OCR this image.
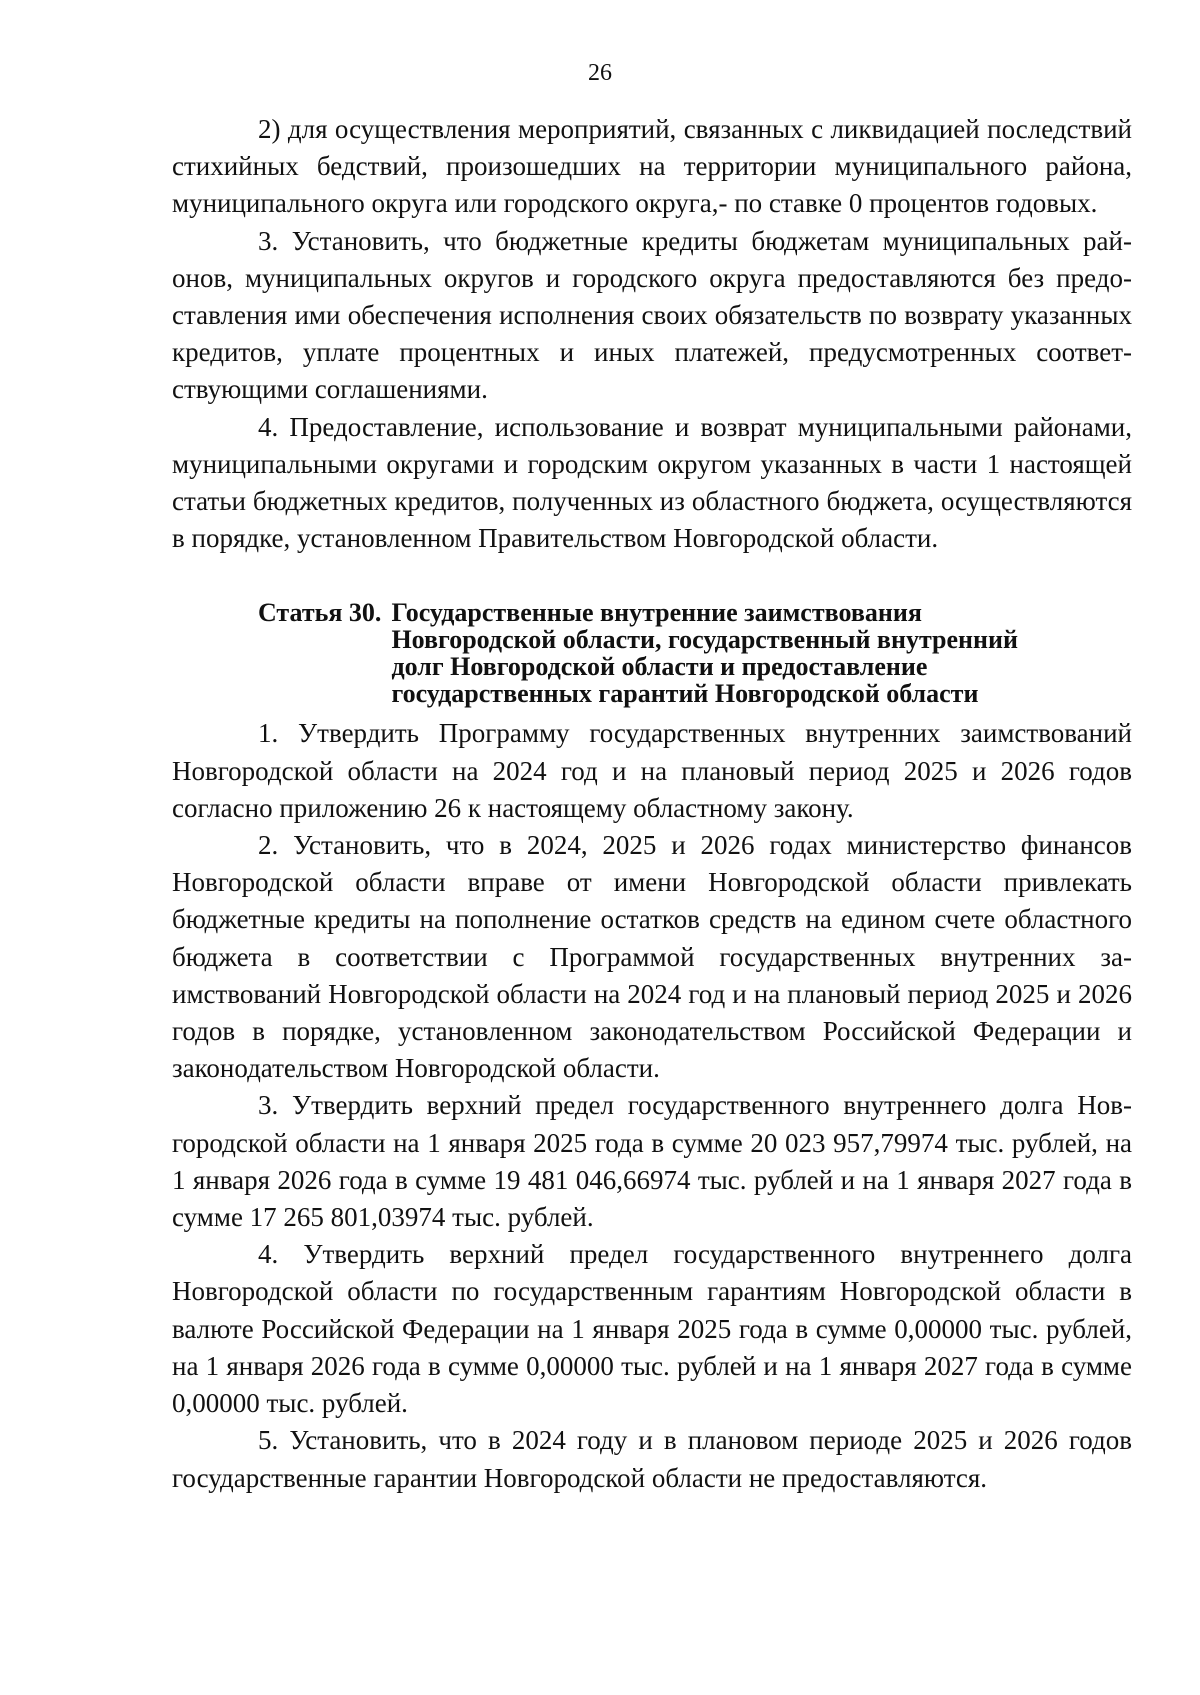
26

2) для осуществления мероприятий, связанных с ликвидацией последствий стихийных бедствий, произошедших на территории муниципального района, муниципального округа или городского округа,- по ставке 0 процентов годовых.

3. Установить, что бюджетные кредиты бюджетам муниципальных районов, муниципальных округов и городского округа предоставляются без предоставления ими обеспечения исполнения своих обязательств по возврату указанных кредитов, уплате процентных и иных платежей, предусмотренных соответствующими соглашениями.

4. Предоставление, использование и возврат муниципальными районами, муниципальными округами и городским округом указанных в части 1 настоящей статьи бюджетных кредитов, полученных из областного бюджета, осуществляются в порядке, установленном Правительством Новгородской области.

Статья 30. Государственные внутренние заимствования
Новгородской области, государственный внутренний
долг Новгородской области и предоставление
государственных гарантий Новгородской области

1. Утвердить Программу государственных внутренних заимствований Новгородской области на 2024 год и на плановый период 2025 и 2026 годов согласно приложению 26 к настоящему областному закону.

2. Установить, что в 2024, 2025 и 2026 годах министерство финансов Новгородской области вправе от имени Новгородской области привлекать бюджетные кредиты на пополнение остатков средств на едином счете областного бюджета в соответствии с Программой государственных внутренних заимствований Новгородской области на 2024 год и на плановый период 2025 и 2026 годов в порядке, установленном законодательством Российской Федерации и законодательством Новгородской области.

3. Утвердить верхний предел государственного внутреннего долга Новгородской области на 1 января 2025 года в сумме 20 023 957,79974 тыс. рублей, на 1 января 2026 года в сумме 19 481 046,66974 тыс. рублей и на 1 января 2027 года в сумме 17 265 801,03974 тыс. рублей.

4. Утвердить верхний предел государственного внутреннего долга Новгородской области по государственным гарантиям Новгородской области в валюте Российской Федерации на 1 января 2025 года в сумме 0,00000 тыс. рублей, на 1 января 2026 года в сумме 0,00000 тыс. рублей и на 1 января 2027 года в сумме 0,00000 тыс. рублей.

5. Установить, что в 2024 году и в плановом периоде 2025 и 2026 годов государственные гарантии Новгородской области не предоставляются.
